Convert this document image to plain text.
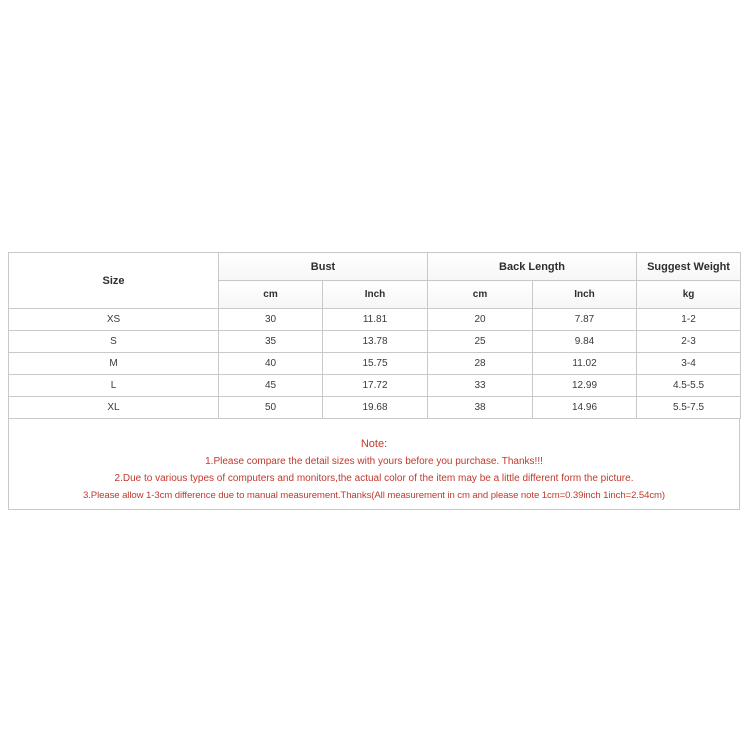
Size	Bust		Back Length		Suggest Weight
	cm	Inch	cm	Inch	kg
XS	30	11.81	20	7.87	1-2
S	35	13.78	25	9.84	2-3
M	40	15.75	28	11.02	3-4
L	45	17.72	33	12.99	4.5-5.5
XL	50	19.68	38	14.96	5.5-7.5
Note:
1.Please compare the detail sizes with yours before you purchase. Thanks!!!
2.Due to various types of computers and monitors,the actual color of the item may be a little different form the picture.
3.Please allow 1-3cm difference due to manual measurement.Thanks(All measurement in cm and please note 1cm=0.39inch 1inch=2.54cm)
